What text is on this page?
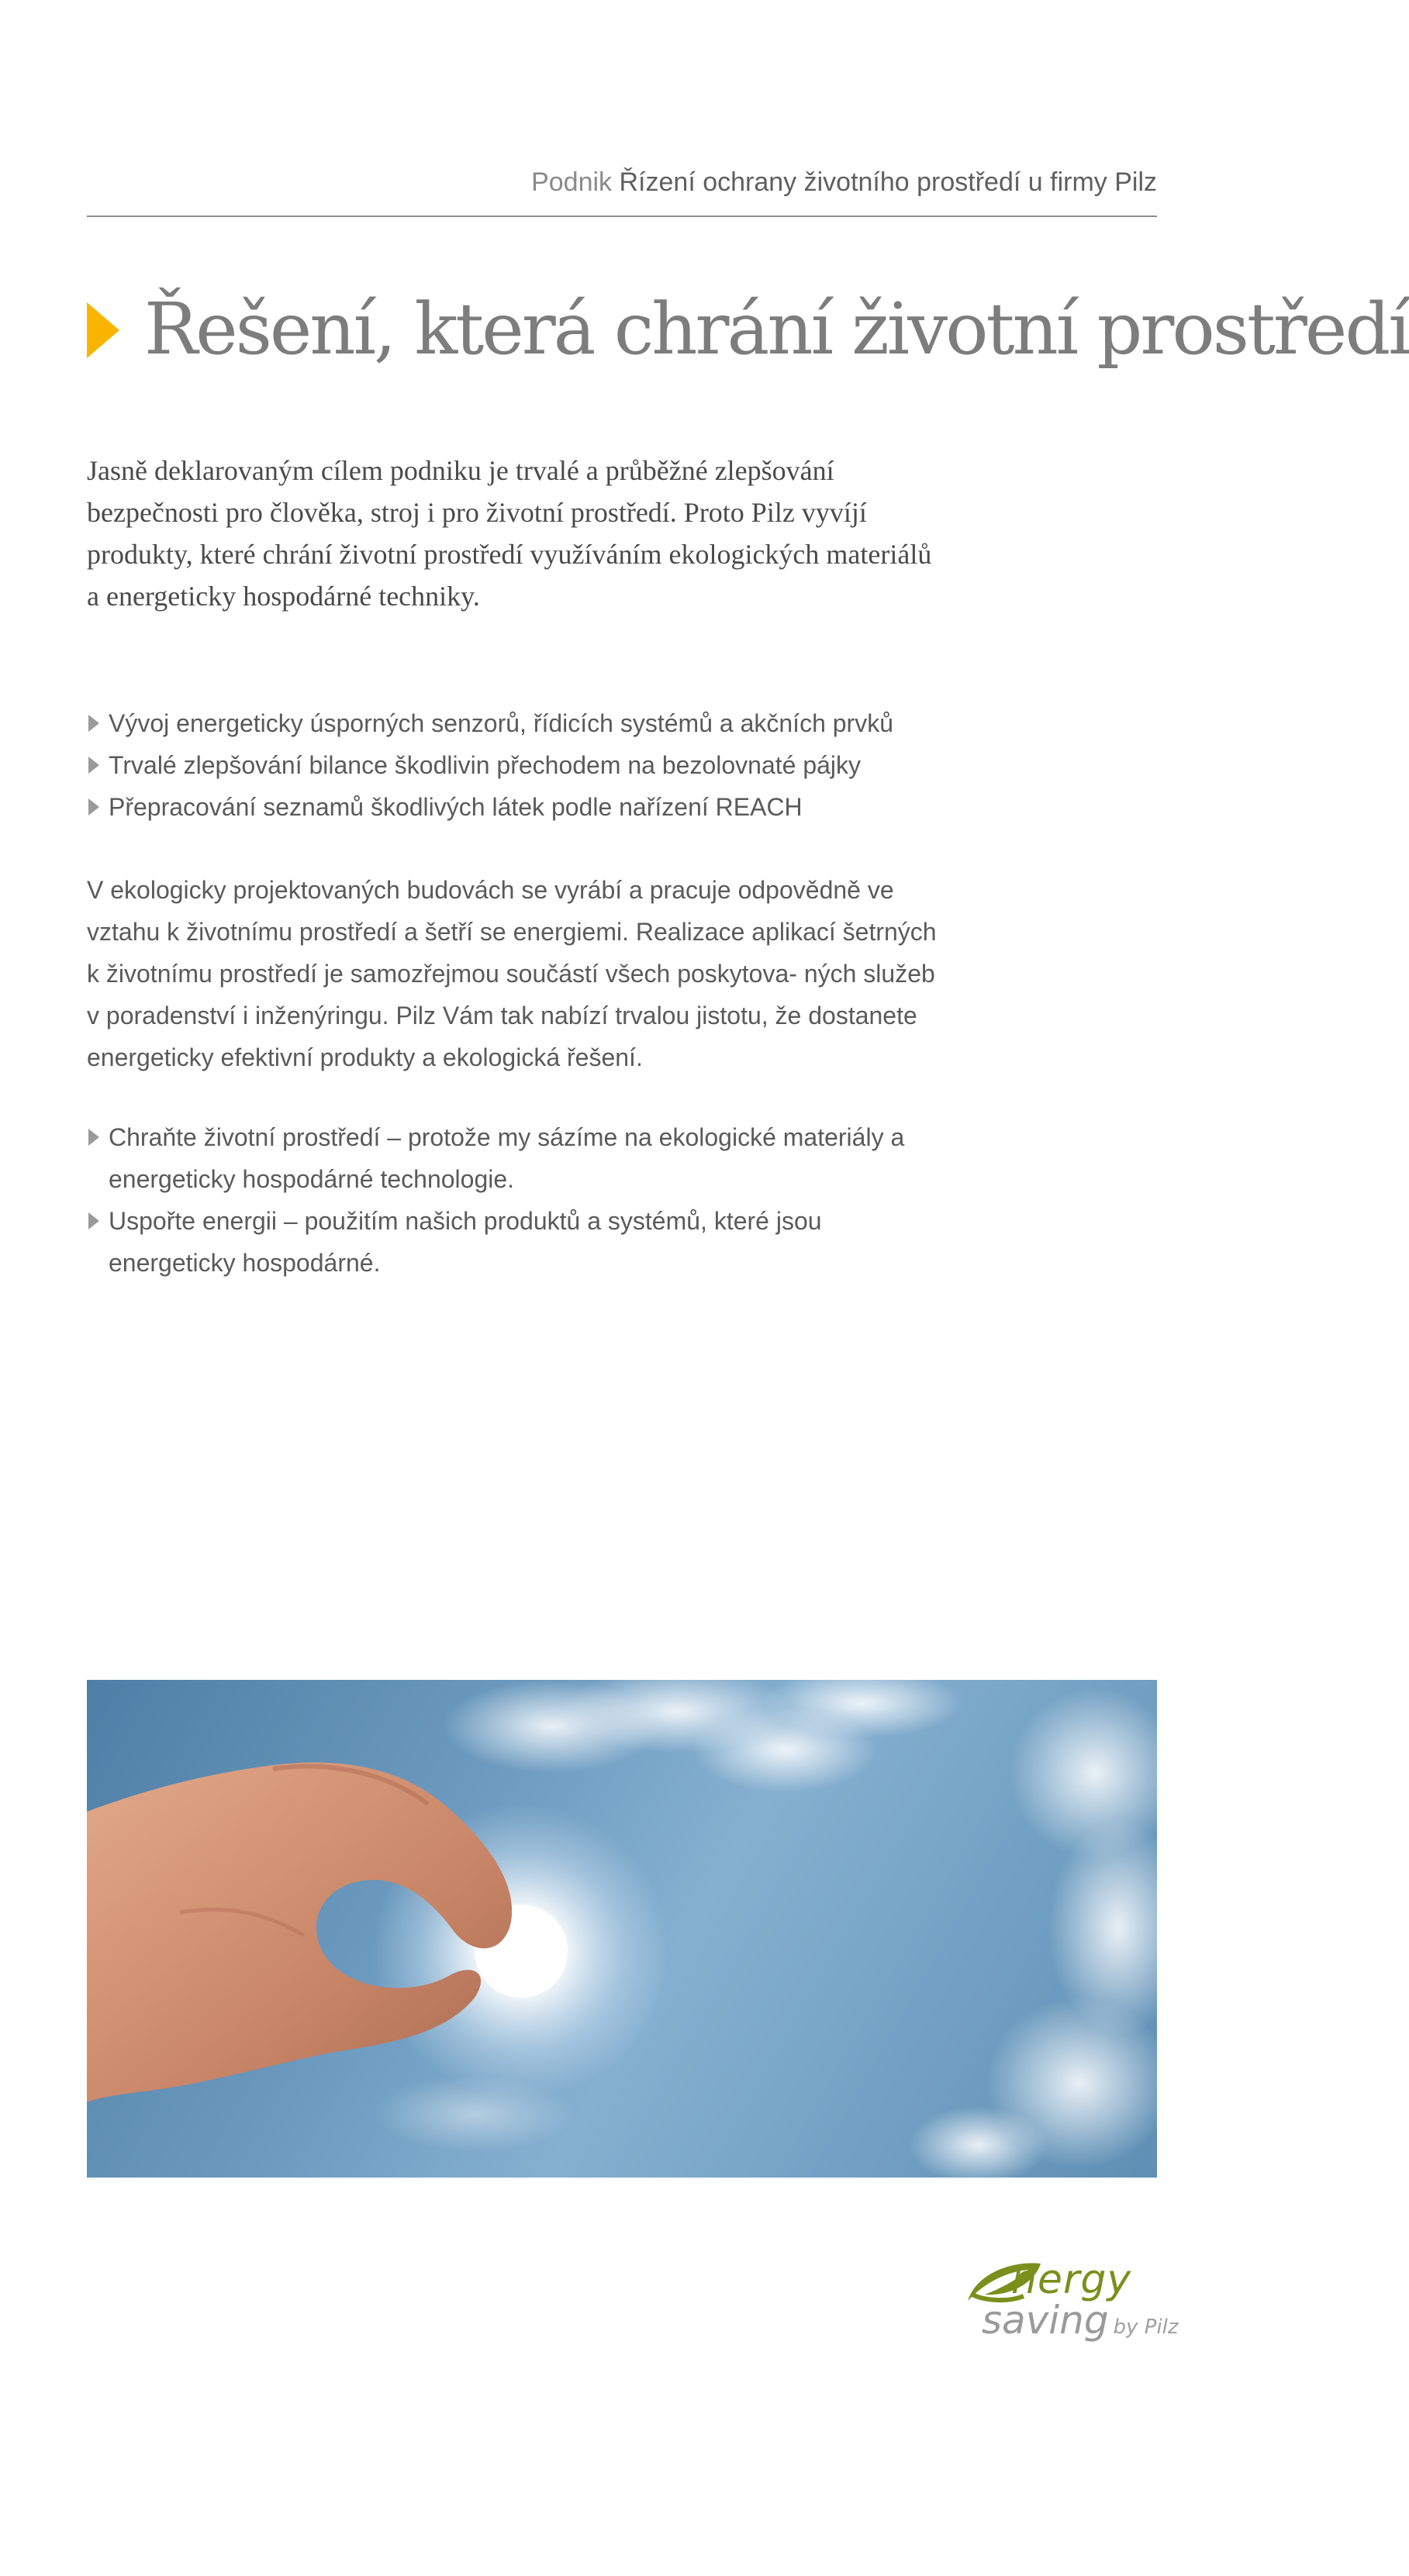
Podnik Řízení ochrany životního prostředí u firmy Pilz
Řešení, která chrání životní prostředí

Jasně deklarovaným cílem podniku je trvalé a průběžné zlepšování bezpečnosti pro člověka, stroj i pro životní prostředí. Proto Pilz vyvíjí produkty, které chrání životní prostředí využíváním ekologických materiálů a energeticky hospodárné techniky.

Vývoj energeticky úsporných senzorů, řídicích systémů a akčních prvků
Trvalé zlepšování bilance škodlivin přechodem na bezolovnaté pájky
Přepracování seznamů škodlivých látek podle nařízení REACH

V ekologicky projektovaných budovách se vyrábí a pracuje odpovědně ve vztahu k životnímu prostředí a šetří se energiemi. Realizace aplikací šetrných k životnímu prostředí je samozřejmou součástí všech poskytova- ných služeb v poradenství i inženýringu. Pilz Vám tak nabízí trvalou jistotu, že dostanete energeticky efektivní produkty a ekologická řešení.

Chraňte životní prostředí – protože my sázíme na ekologické materiály a energeticky hospodárné technologie.
Uspořte energii – použitím našich produktů a systémů, které jsou energeticky hospodárné.
nergy
saving by Pilz
